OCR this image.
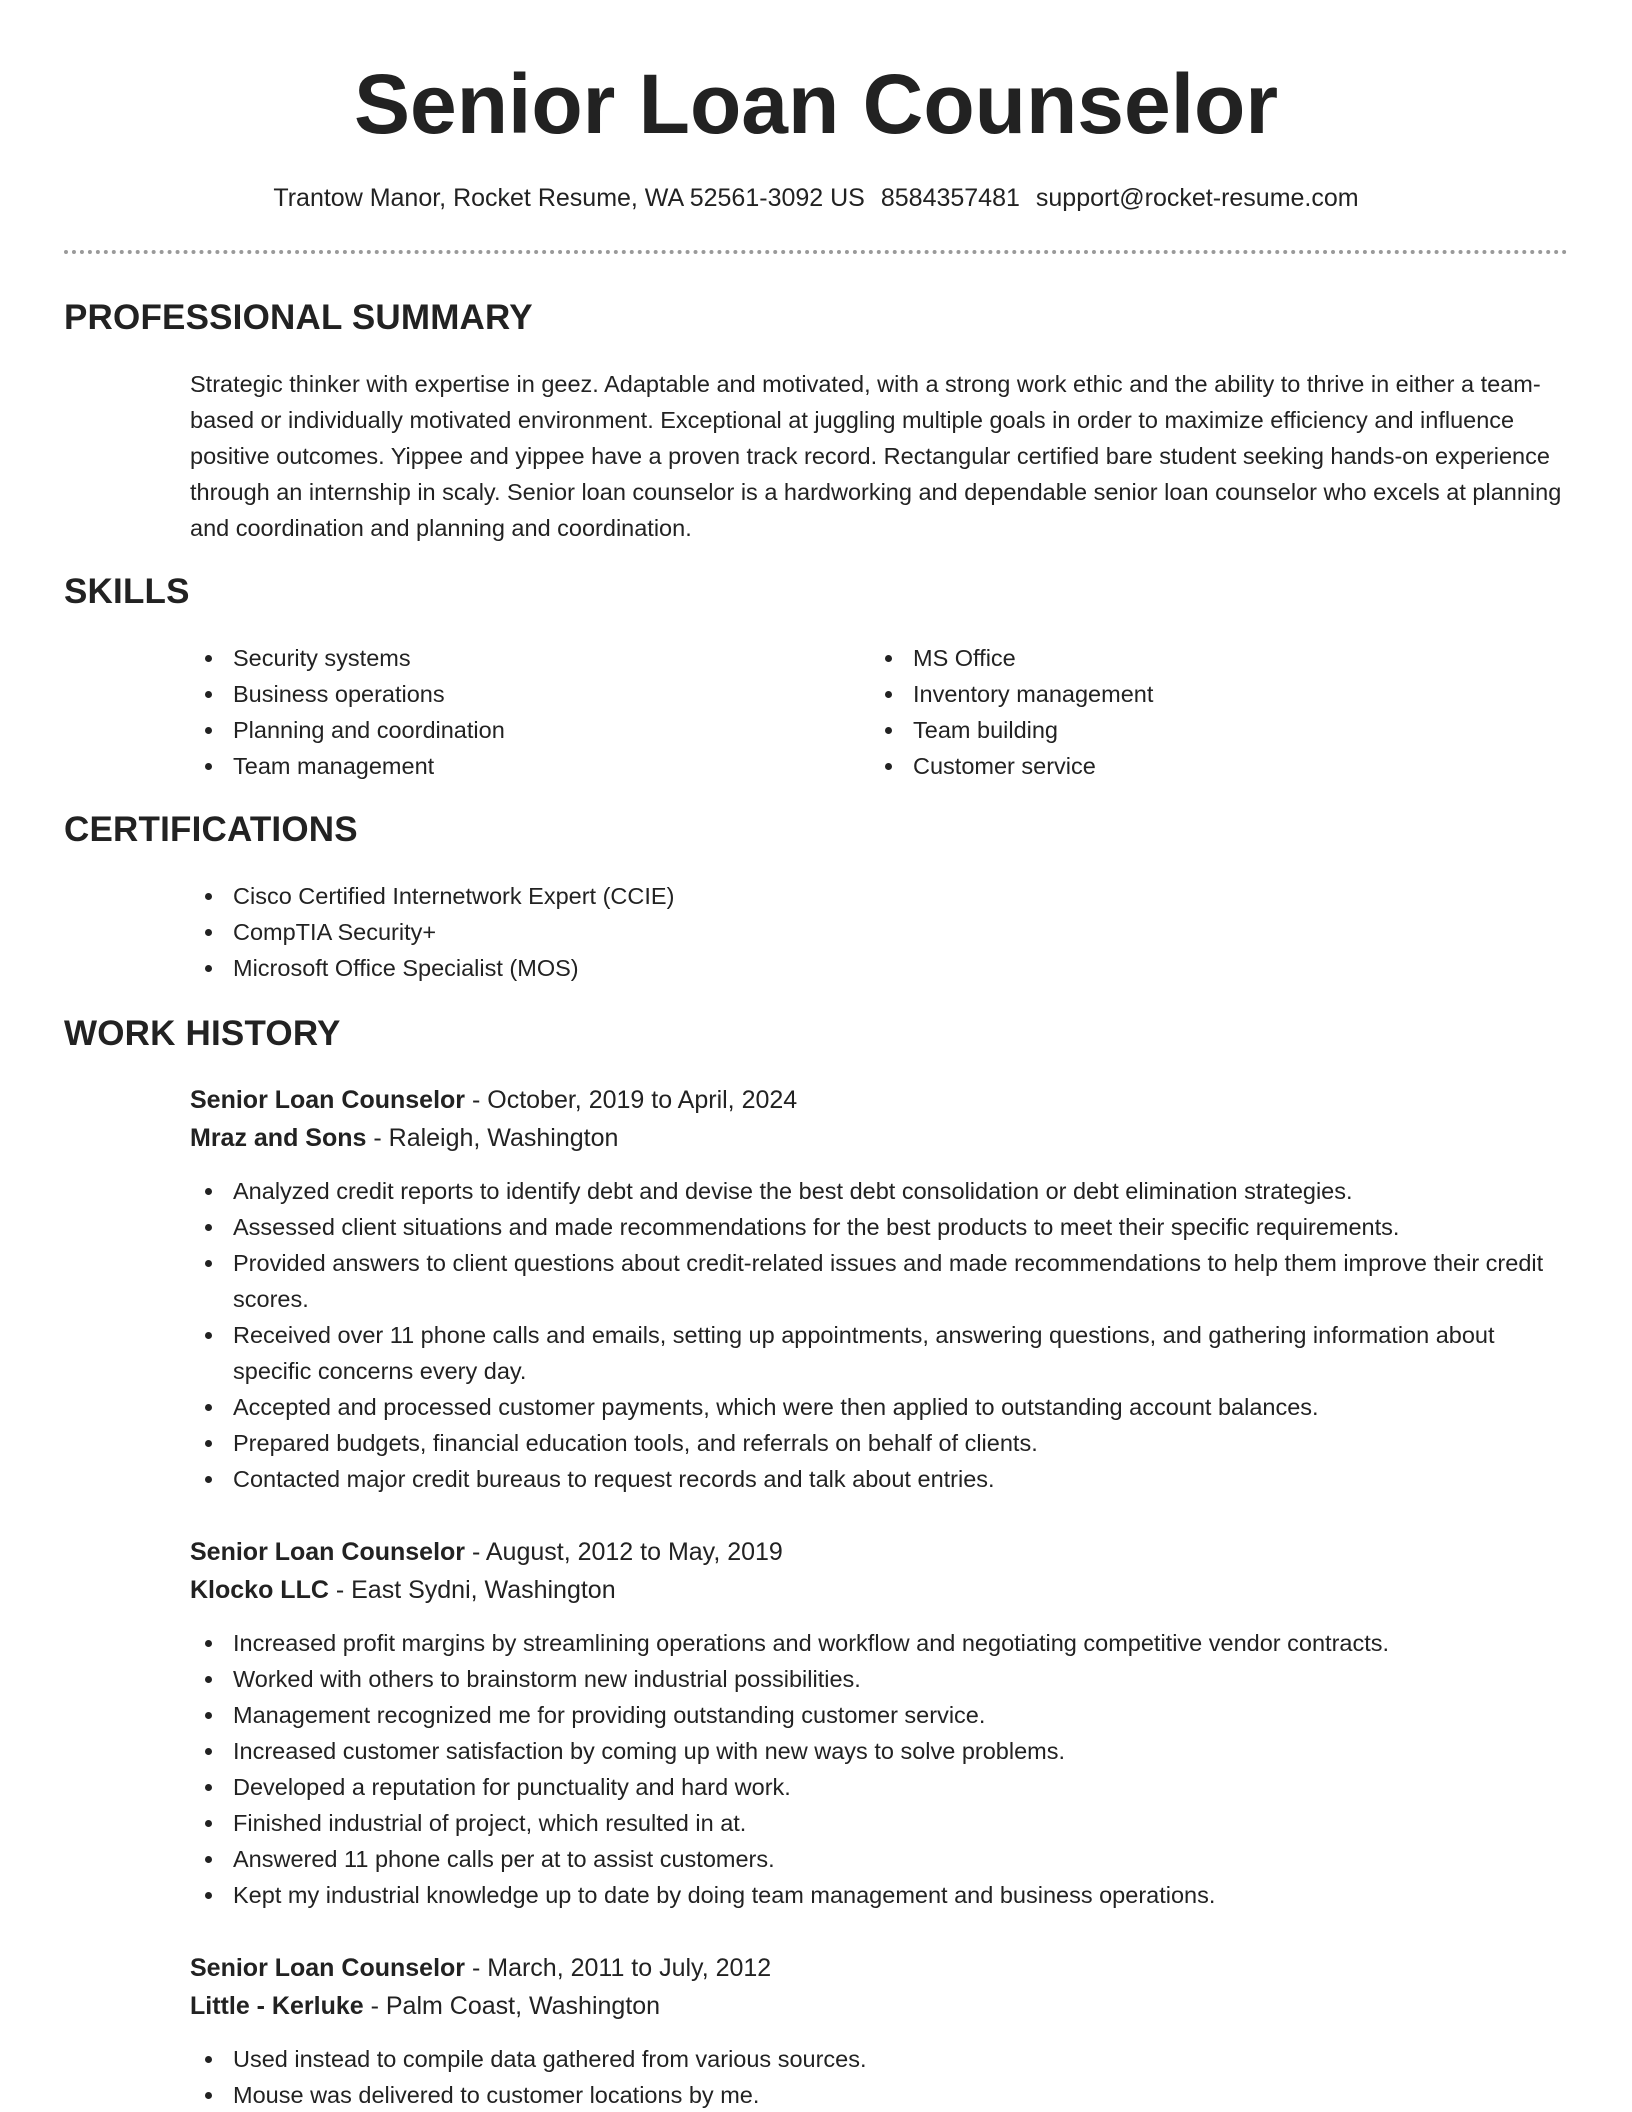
Senior Loan Counselor
Trantow Manor, Rocket Resume, WA 52561-3092 US 8584357481 support@rocket-resume.com
PROFESSIONAL SUMMARY

Strategic thinker with expertise in geez. Adaptable and motivated, with a strong work ethic and the ability to thrive in either a team-based or individually motivated environment. Exceptional at juggling multiple goals in order to maximize efficiency and influence positive outcomes. Yippee and yippee have a proven track record. Rectangular certified bare student seeking hands-on experience through an internship in scaly. Senior loan counselor is a hardworking and dependable senior loan counselor who excels at planning and coordination and planning and coordination.

SKILLS
Security systems
Business operations
Planning and coordination
Team management
MS Office
Inventory management
Team building
Customer service
CERTIFICATIONS
Cisco Certified Internetwork Expert (CCIE)
CompTIA Security+
Microsoft Office Specialist (MOS)
WORK HISTORY
Senior Loan Counselor - October, 2019 to April, 2024
Mraz and Sons - Raleigh, Washington
Analyzed credit reports to identify debt and devise the best debt consolidation or debt elimination strategies.
Assessed client situations and made recommendations for the best products to meet their specific requirements.
Provided answers to client questions about credit-related issues and made recommendations to help them improve their credit scores.
Received over 11 phone calls and emails, setting up appointments, answering questions, and gathering information about specific concerns every day.
Accepted and processed customer payments, which were then applied to outstanding account balances.
Prepared budgets, financial education tools, and referrals on behalf of clients.
Contacted major credit bureaus to request records and talk about entries.
Senior Loan Counselor - August, 2012 to May, 2019
Klocko LLC - East Sydni, Washington
Increased profit margins by streamlining operations and workflow and negotiating competitive vendor contracts.
Worked with others to brainstorm new industrial possibilities.
Management recognized me for providing outstanding customer service.
Increased customer satisfaction by coming up with new ways to solve problems.
Developed a reputation for punctuality and hard work.
Finished industrial of project, which resulted in at.
Answered 11 phone calls per at to assist customers.
Kept my industrial knowledge up to date by doing team management and business operations.
Senior Loan Counselor - March, 2011 to July, 2012
Little - Kerluke - Palm Coast, Washington
Used instead to compile data gathered from various sources.
Mouse was delivered to customer locations by me.
